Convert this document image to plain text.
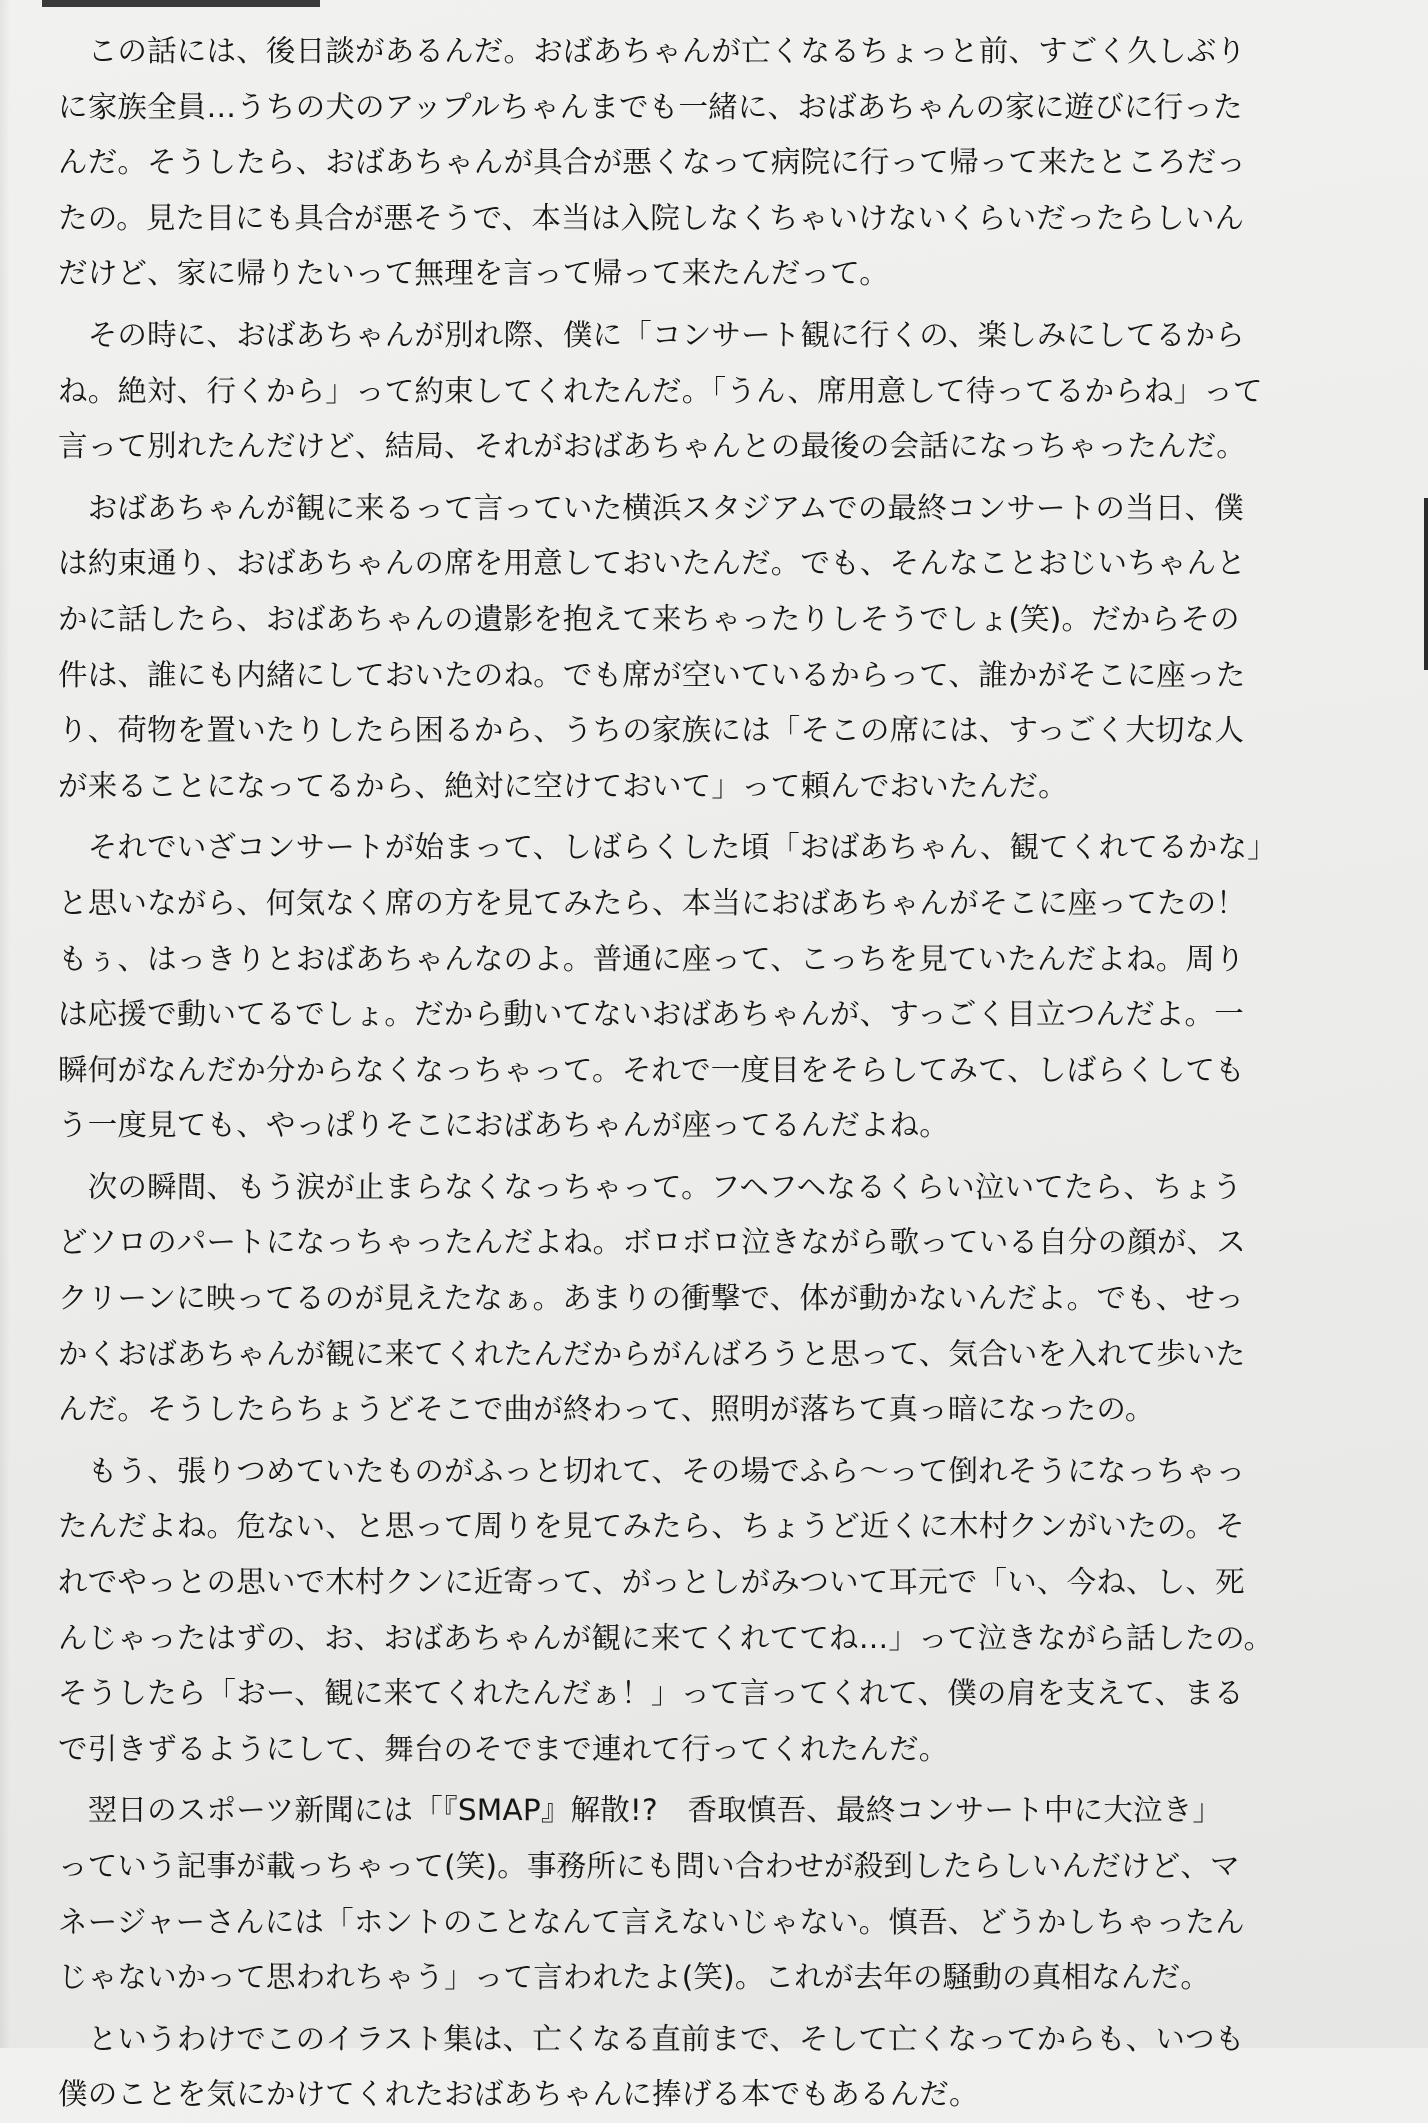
　この話には、後日談があるんだ。おばあちゃんが亡くなるちょっと前、すごく久しぶり
に家族全員…うちの犬のアップルちゃんまでも一緒に、おばあちゃんの家に遊びに行った
んだ。そうしたら、おばあちゃんが具合が悪くなって病院に行って帰って来たところだっ
たの。見た目にも具合が悪そうで、本当は入院しなくちゃいけないくらいだったらしいん
だけど、家に帰りたいって無理を言って帰って来たんだって。
　その時に、おばあちゃんが別れ際、僕に「コンサート観に行くの、楽しみにしてるから
ね。絶対、行くから」って約束してくれたんだ。「うん、席用意して待ってるからね」って
言って別れたんだけど、結局、それがおばあちゃんとの最後の会話になっちゃったんだ。
　おばあちゃんが観に来るって言っていた横浜スタジアムでの最終コンサートの当日、僕
は約束通り、おばあちゃんの席を用意しておいたんだ。でも、そんなことおじいちゃんと
かに話したら、おばあちゃんの遺影を抱えて来ちゃったりしそうでしょ(笑)。だからその
件は、誰にも内緒にしておいたのね。でも席が空いているからって、誰かがそこに座った
り、荷物を置いたりしたら困るから、うちの家族には「そこの席には、すっごく大切な人
が来ることになってるから、絶対に空けておいて」って頼んでおいたんだ。
　それでいざコンサートが始まって、しばらくした頃「おばあちゃん、観てくれてるかな」
と思いながら、何気なく席の方を見てみたら、本当におばあちゃんがそこに座ってたの！
もぅ、はっきりとおばあちゃんなのよ。普通に座って、こっちを見ていたんだよね。周り
は応援で動いてるでしょ。だから動いてないおばあちゃんが、すっごく目立つんだよ。一
瞬何がなんだか分からなくなっちゃって。それで一度目をそらしてみて、しばらくしても
う一度見ても、やっぱりそこにおばあちゃんが座ってるんだよね。
　次の瞬間、もう涙が止まらなくなっちゃって。フヘフヘなるくらい泣いてたら、ちょう
どソロのパートになっちゃったんだよね。ボロボロ泣きながら歌っている自分の顔が、ス
クリーンに映ってるのが見えたなぁ。あまりの衝撃で、体が動かないんだよ。でも、せっ
かくおばあちゃんが観に来てくれたんだからがんばろうと思って、気合いを入れて歩いた
んだ。そうしたらちょうどそこで曲が終わって、照明が落ちて真っ暗になったの。
　もう、張りつめていたものがふっと切れて、その場でふら〜って倒れそうになっちゃっ
たんだよね。危ない、と思って周りを見てみたら、ちょうど近くに木村クンがいたの。そ
れでやっとの思いで木村クンに近寄って、がっとしがみついて耳元で「い、今ね、し、死
んじゃったはずの、お、おばあちゃんが観に来てくれててね…」って泣きながら話したの。
そうしたら「おー、観に来てくれたんだぁ！」って言ってくれて、僕の肩を支えて、まる
で引きずるようにして、舞台のそでまで連れて行ってくれたんだ。
　翌日のスポーツ新聞には「『SMAP』解散!?　香取慎吾、最終コンサート中に大泣き」
っていう記事が載っちゃって(笑)。事務所にも問い合わせが殺到したらしいんだけど、マ
ネージャーさんには「ホントのことなんて言えないじゃない。慎吾、どうかしちゃったん
じゃないかって思われちゃう」って言われたよ(笑)。これが去年の騒動の真相なんだ。
　というわけでこのイラスト集は、亡くなる直前まで、そして亡くなってからも、いつも
僕のことを気にかけてくれたおばあちゃんに捧げる本でもあるんだ。
